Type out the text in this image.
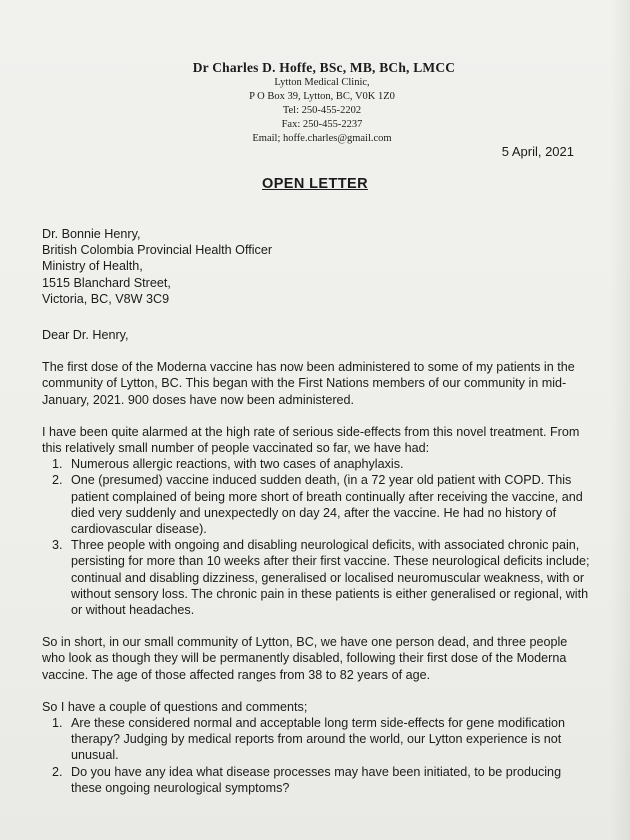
Dr Charles D. Hoffe, BSc, MB, BCh, LMCC
Lytton Medical Clinic,
P O Box 39, Lytton, BC, V0K 1Z0
Tel: 250-455-2202
Fax: 250-455-2237
Email; hoffe.charles@gmail.com
5 April, 2021
OPEN LETTER
Dr. Bonnie Henry,
British Colombia Provincial Health Officer
Ministry of Health,
1515 Blanchard Street,
Victoria, BC, V8W 3C9
Dear Dr. Henry,
The first dose of the Moderna vaccine has now been administered to some of my patients in the community of Lytton, BC. This began with the First Nations members of our community in mid-January, 2021. 900 doses have now been administered.
I have been quite alarmed at the high rate of serious side-effects from this novel treatment. From this relatively small number of people vaccinated so far, we have had:
1. Numerous allergic reactions, with two cases of anaphylaxis.
2. One (presumed) vaccine induced sudden death, (in a 72 year old patient with COPD. This patient complained of being more short of breath continually after receiving the vaccine, and died very suddenly and unexpectedly on day 24, after the vaccine. He had no history of cardiovascular disease).
3. Three people with ongoing and disabling neurological deficits, with associated chronic pain, persisting for more than 10 weeks after their first vaccine. These neurological deficits include; continual and disabling dizziness, generalised or localised neuromuscular weakness, with or without sensory loss. The chronic pain in these patients is either generalised or regional, with or without headaches.
So in short, in our small community of Lytton, BC, we have one person dead, and three people who look as though they will be permanently disabled, following their first dose of the Moderna vaccine. The age of those affected ranges from 38 to 82 years of age.
So I have a couple of questions and comments;
1. Are these considered normal and acceptable long term side-effects for gene modification therapy? Judging by medical reports from around the world, our Lytton experience is not unusual.
2. Do you have any idea what disease processes may have been initiated, to be producing these ongoing neurological symptoms?
